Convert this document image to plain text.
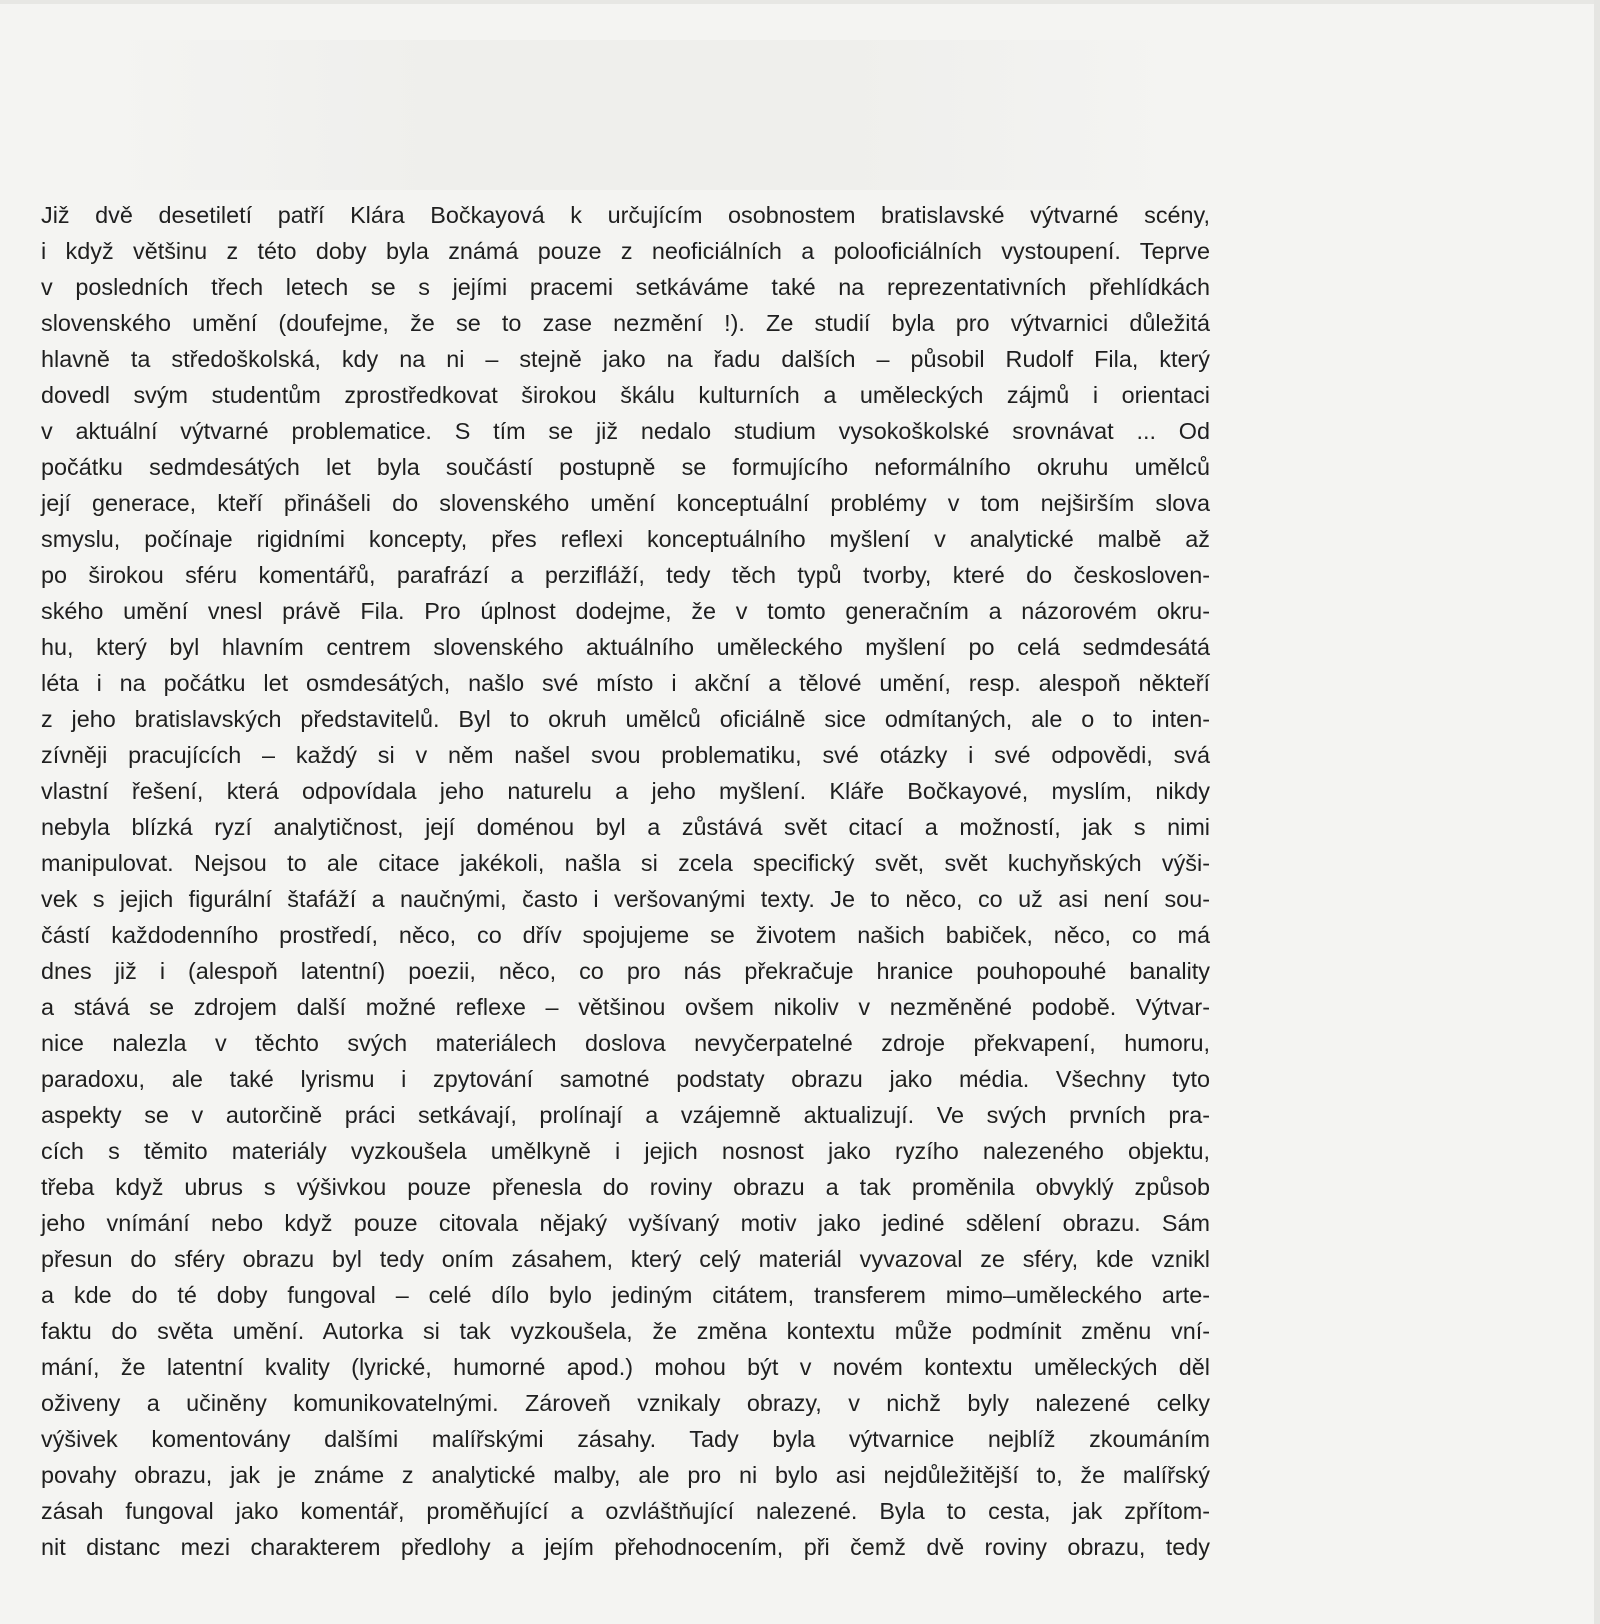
Již dvě desetiletí patří Klára Bočkayová k určujícím osobnostem bratislavské výtvarné scény,
i když většinu z této doby byla známá pouze z neoficiálních a polooficiálních vystoupení. Teprve
v posledních třech letech se s jejími pracemi setkáváme také na reprezentativních přehlídkách
slovenského umění (doufejme, že se to zase nezmění !). Ze studií byla pro výtvarnici důležitá
hlavně ta středoškolská, kdy na ni – stejně jako na řadu dalších – působil Rudolf Fila, který
dovedl svým studentům zprostředkovat širokou škálu kulturních a uměleckých zájmů i orientaci
v aktuální výtvarné problematice. S tím se již nedalo studium vysokoškolské srovnávat ... Od
počátku sedmdesátých let byla součástí postupně se formujícího neformálního okruhu umělců
její generace, kteří přinášeli do slovenského umění konceptuální problémy v tom nejširším slova
smyslu, počínaje rigidními koncepty, přes reflexi konceptuálního myšlení v analytické malbě až
po širokou sféru komentářů, parafrází a perzifláží, tedy těch typů tvorby, které do českosloven-
ského umění vnesl právě Fila. Pro úplnost dodejme, že v tomto generačním a názorovém okru-
hu, který byl hlavním centrem slovenského aktuálního uměleckého myšlení po celá sedmdesátá
léta i na počátku let osmdesátých, našlo své místo i akční a tělové umění, resp. alespoň někteří
z jeho bratislavských představitelů. Byl to okruh umělců oficiálně sice odmítaných, ale o to inten-
zívněji pracujících – každý si v něm našel svou problematiku, své otázky i své odpovědi, svá
vlastní řešení, která odpovídala jeho naturelu a jeho myšlení. Kláře Bočkayové, myslím, nikdy
nebyla blízká ryzí analytičnost, její doménou byl a zůstává svět citací a možností, jak s nimi
manipulovat. Nejsou to ale citace jakékoli, našla si zcela specifický svět, svět kuchyňských výši-
vek s jejich figurální štafáží a naučnými, často i veršovanými texty. Je to něco, co už asi není sou-
částí každodenního prostředí, něco, co dřív spojujeme se životem našich babiček, něco, co má
dnes již i (alespoň latentní) poezii, něco, co pro nás překračuje hranice pouhopouhé banality
a stává se zdrojem další možné reflexe – většinou ovšem nikoliv v nezměněné podobě. Výtvar-
nice nalezla v těchto svých materiálech doslova nevyčerpatelné zdroje překvapení, humoru,
paradoxu, ale také lyrismu i zpytování samotné podstaty obrazu jako média. Všechny tyto
aspekty se v autorčině práci setkávají, prolínají a vzájemně aktualizují. Ve svých prvních pra-
cích s těmito materiály vyzkoušela umělkyně i jejich nosnost jako ryzího nalezeného objektu,
třeba když ubrus s výšivkou pouze přenesla do roviny obrazu a tak proměnila obvyklý způsob
jeho vnímání nebo když pouze citovala nějaký vyšívaný motiv jako jediné sdělení obrazu. Sám
přesun do sféry obrazu byl tedy oním zásahem, který celý materiál vyvazoval ze sféry, kde vznikl
a kde do té doby fungoval – celé dílo bylo jediným citátem, transferem mimo–uměleckého arte-
faktu do světa umění. Autorka si tak vyzkoušela, že změna kontextu může podmínit změnu vní-
mání, že latentní kvality (lyrické, humorné apod.) mohou být v novém kontextu uměleckých děl
oživeny a učiněny komunikovatelnými. Zároveň vznikaly obrazy, v nichž byly nalezené celky
výšivek komentovány dalšími malířskými zásahy. Tady byla výtvarnice nejblíž zkoumáním
povahy obrazu, jak je známe z analytické malby, ale pro ni bylo asi nejdůležitější to, že malířský
zásah fungoval jako komentář, proměňující a ozvláštňující nalezené. Byla to cesta, jak zpřítom-
nit distanc mezi charakterem předlohy a jejím přehodnocením, při čemž dvě roviny obrazu, tedy
